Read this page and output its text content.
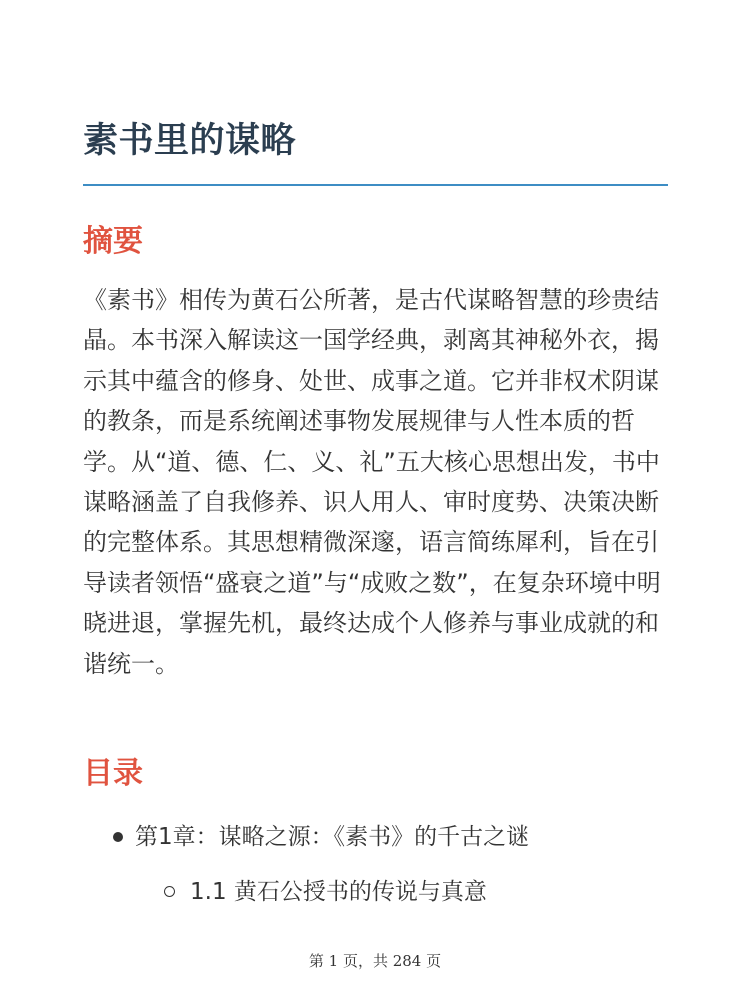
素书里的谋略
摘要

《素书》相传为黄石公所著，是古代谋略智慧的珍贵结晶。本书深入解读这一国学经典，剥离其神秘外衣，揭示其中蕴含的修身、处世、成事之道。它并非权术阴谋的教条，而是系统阐述事物发展规律与人性本质的哲学。从“道、德、仁、义、礼”五大核心思想出发，书中谋略涵盖了自我修养、识人用人、审时度势、决策决断的完整体系。其思想精微深邃，语言简练犀利，旨在引导读者领悟“盛衰之道”与“成败之数”，在复杂环境中明晓进退，掌握先机，最终达成个人修养与事业成就的和谐统一。

目录
第1章：谋略之源：《素书》的千古之谜
1.1 黄石公授书的传说与真意
第 1 页，共 284 页
